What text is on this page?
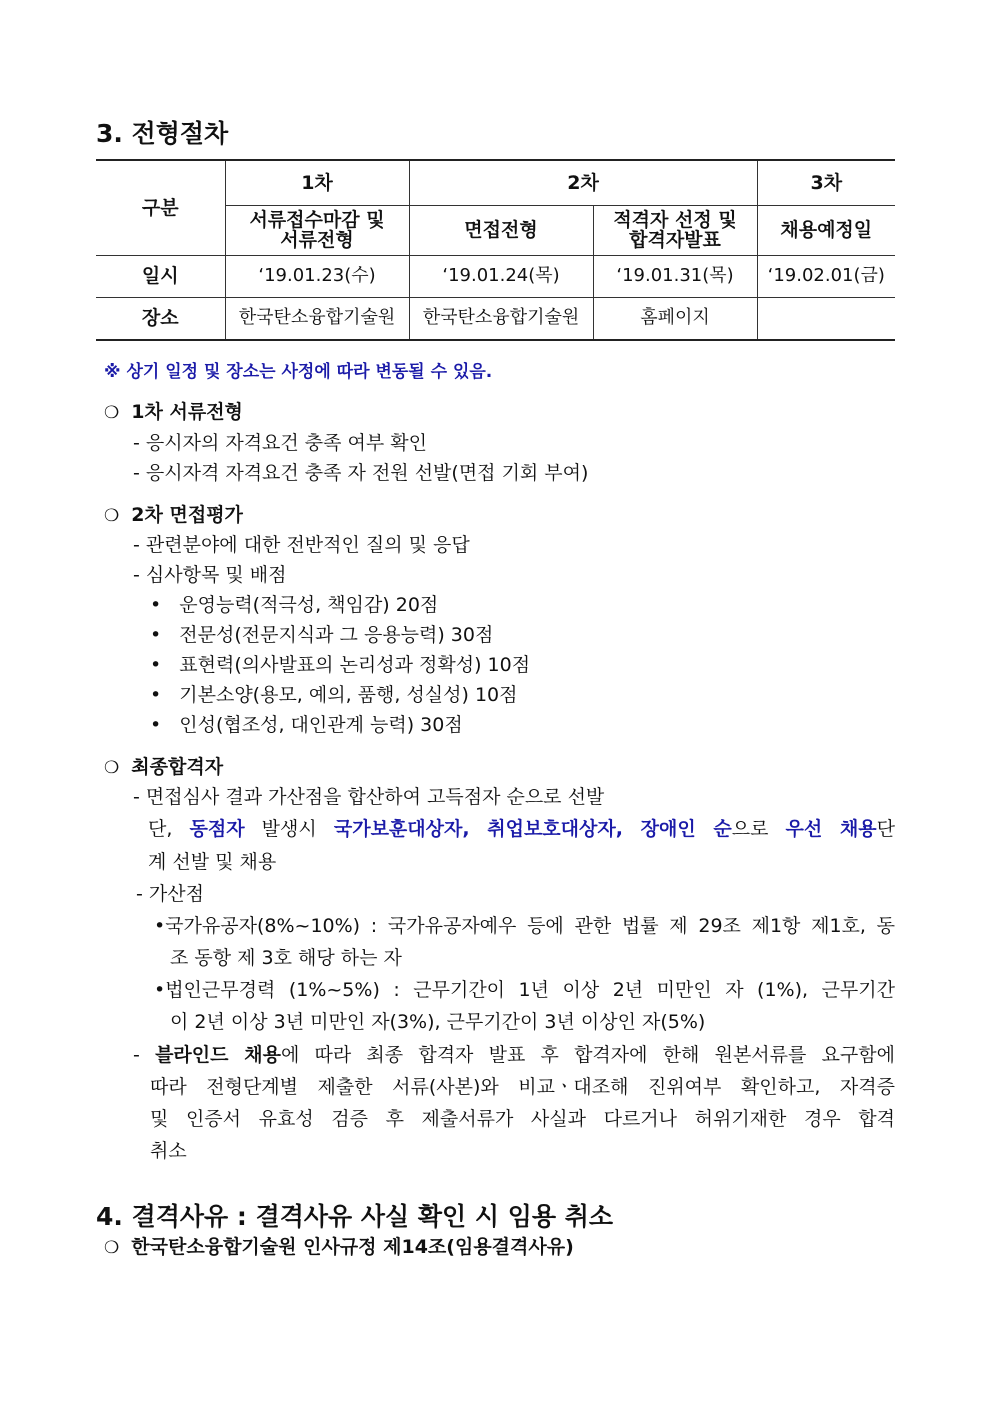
3. 전형절차
구분	1차	2차		3차
	서류접수마감 및 서류전형	면접전형	적격자 선정 및 합격자발표	채용예정일
일시	‘19.01.23(수)	‘19.01.24(목)	‘19.01.31(목)	‘19.02.01(금)
장소	한국탄소융합기술원	한국탄소융합기술원	홈페이지	
※ 상기 일정 및 장소는 사정에 따라 변동될 수 있음.
❍ 1차 서류전형
- 응시자의 자격요건 충족 여부 확인
- 응시자격 자격요건 충족 자 전원 선발(면접 기회 부여)
❍ 2차 면접평가
- 관련분야에 대한 전반적인 질의 및 응답
- 심사항목 및 배점
• 운영능력(적극성, 책임감) 20점
• 전문성(전문지식과 그 응용능력) 30점
• 표현력(의사발표의 논리성과 정확성) 10점
• 기본소양(용모, 예의, 품행, 성실성) 10점
• 인성(협조성, 대인관계 능력) 30점
❍ 최종합격자
- 면접심사 결과 가산점을 합산하여 고득점자 순으로 선발
단, 동점자 발생시 국가보훈대상자, 취업보호대상자, 장애인 순으로 우선 채용단
계 선발 및 채용
- 가산점
•국가유공자(8%~10%) : 국가유공자예우 등에 관한 법률 제 29조 제1항 제1호, 동
조 동항 제 3호 해당 하는 자
•법인근무경력 (1%~5%) : 근무기간이 1년 이상 2년 미만인 자 (1%), 근무기간
이 2년 이상 3년 미만인 자(3%), 근무기간이 3년 이상인 자(5%)
- 블라인드 채용에 따라 최종 합격자 발표 후 합격자에 한해 원본서류를 요구함에
따라 전형단계별 제출한 서류(사본)와 비교ㆍ대조해 진위여부 확인하고, 자격증
및 인증서 유효성 검증 후 제출서류가 사실과 다르거나 허위기재한 경우 합격
취소
4. 결격사유 : 결격사유 사실 확인 시 임용 취소
❍ 한국탄소융합기술원 인사규정 제14조(임용결격사유)
